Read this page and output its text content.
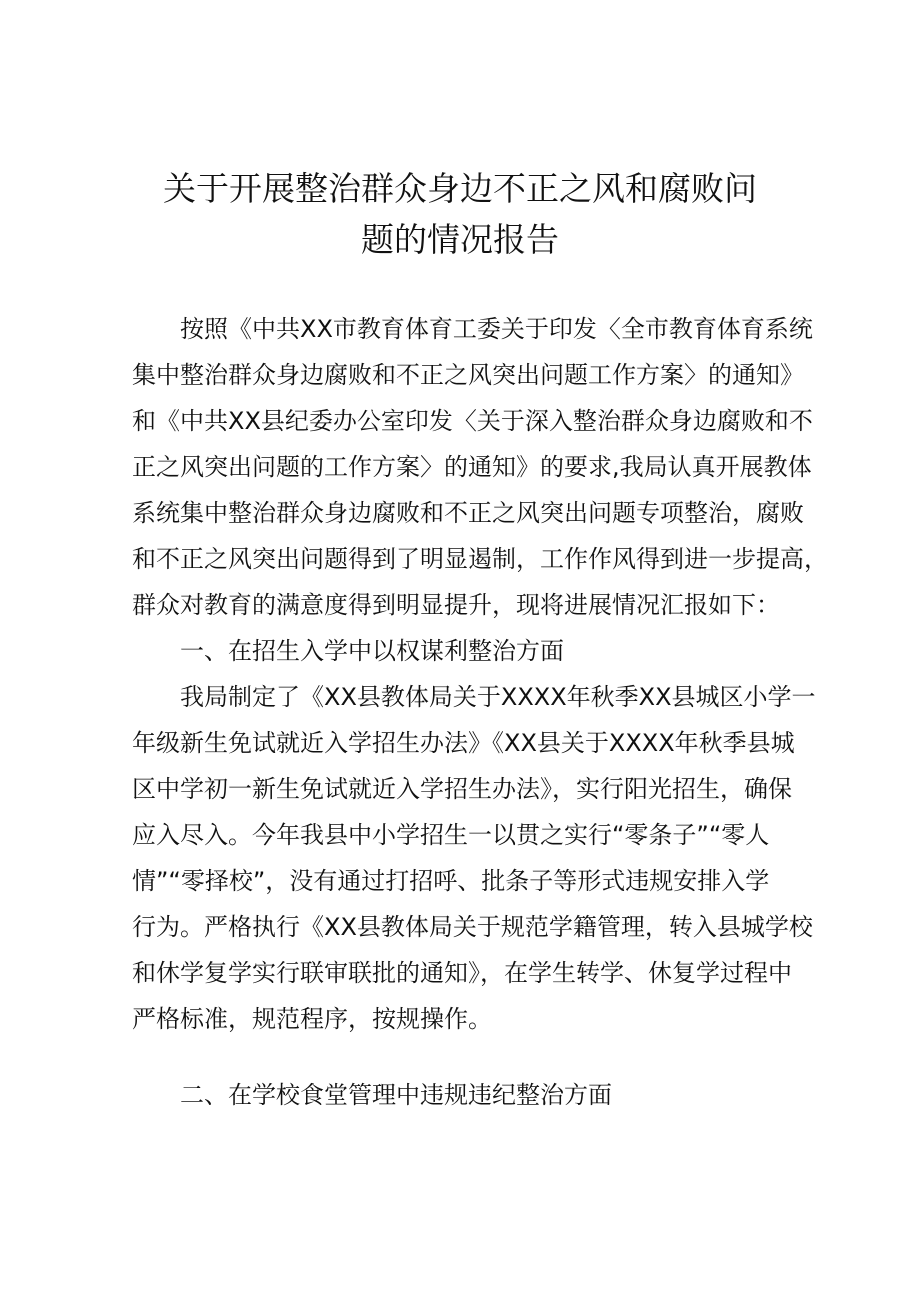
关于开展整治群众身边不正之风和腐败问
题的情况报告
按照《中共XX市教育体育工委关于印发〈全市教育体育系统
集中整治群众身边腐败和不正之风突出问题工作方案〉的通知》
和《中共XX县纪委办公室印发〈关于深入整治群众身边腐败和不
正之风突出问题的工作方案〉的通知》的要求,我局认真开展教体
系统集中整治群众身边腐败和不正之风突出问题专项整治，腐败
和不正之风突出问题得到了明显遏制，工作作风得到进一步提高，
群众对教育的满意度得到明显提升，现将进展情况汇报如下：
一、在招生入学中以权谋利整治方面
我局制定了《XX县教体局关于XXXX年秋季XX县城区小学一
年级新生免试就近入学招生办法》《XX县关于XXXX年秋季县城
区中学初一新生免试就近入学招生办法》，实行阳光招生，确保
应入尽入。今年我县中小学招生一以贯之实行“零条子”“零人
情”“零择校”，没有通过打招呼、批条子等形式违规安排入学
行为。严格执行《XX县教体局关于规范学籍管理，转入县城学校
和休学复学实行联审联批的通知》，在学生转学、休复学过程中
严格标准，规范程序，按规操作。
二、在学校食堂管理中违规违纪整治方面
